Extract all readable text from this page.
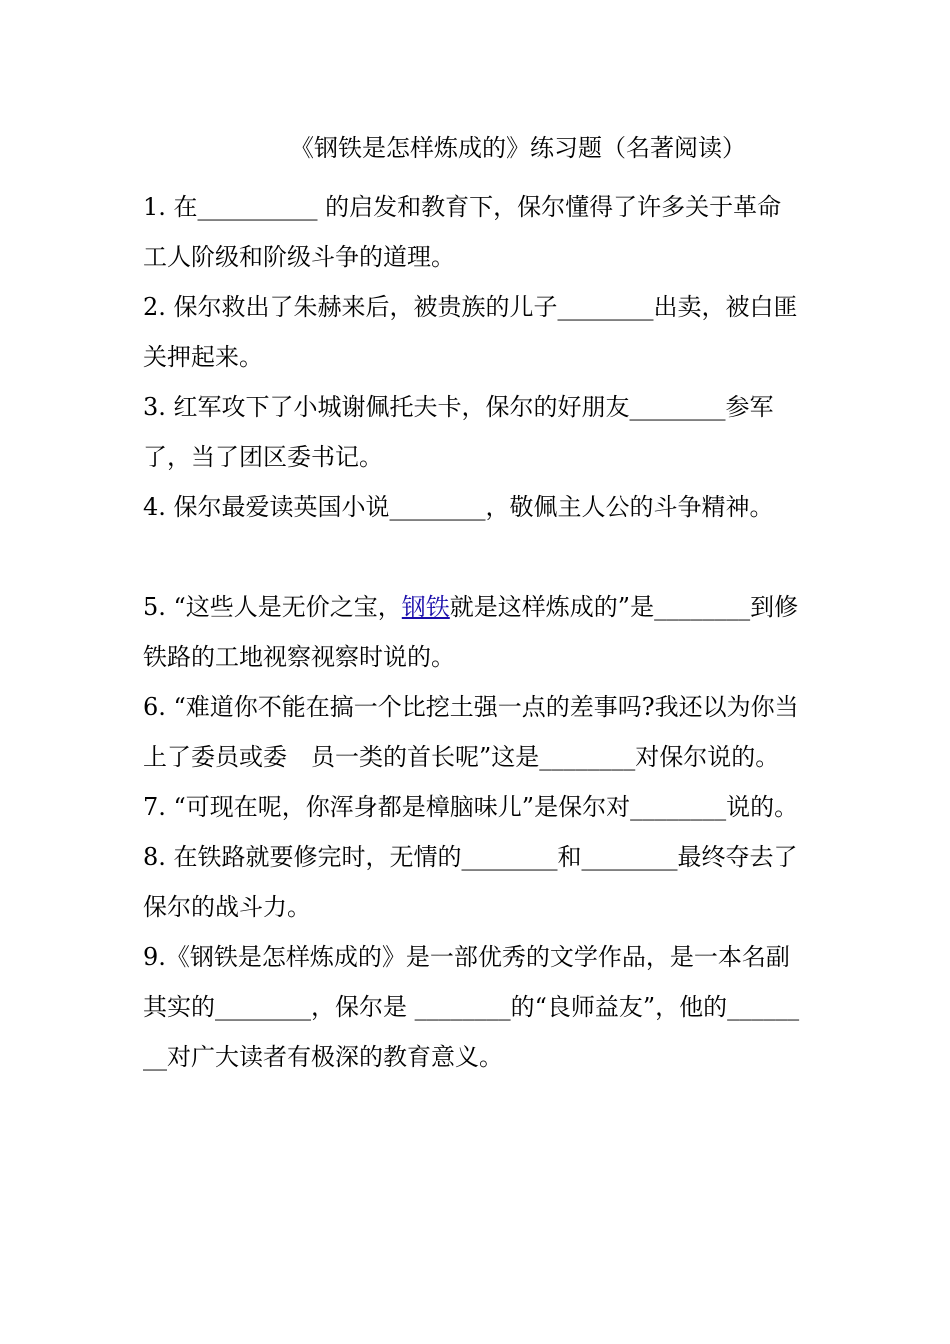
《钢铁是怎样炼成的》练习题（名著阅读）

1. 在__________ 的启发和教育下，保尔懂得了许多关于革命工人阶级和阶级斗争的道理。

2. 保尔救出了朱赫来后，被贵族的儿子________出卖，被白匪关押起来。

3. 红军攻下了小城谢佩托夫卡，保尔的好朋友________参军了，当了团区委书记。

4. 保尔最爱读英国小说________，敬佩主人公的斗争精神。

5. “这些人是无价之宝，钢铁就是这样炼成的”是________到修铁路的工地视察视察时说的。

6. “难道你不能在搞一个比挖土强一点的差事吗?我还以为你当上了委员或委　员一类的首长呢”这是________对保尔说的。

7. “可现在呢，你浑身都是樟脑味儿”是保尔对________说的。

8. 在铁路就要修完时，无情的________和________最终夺去了保尔的战斗力。

9.《钢铁是怎样炼成的》是一部优秀的文学作品，是一本名副其实的________，保尔是 ________的“良师益友”，他的________对广大读者有极深的教育意义。
